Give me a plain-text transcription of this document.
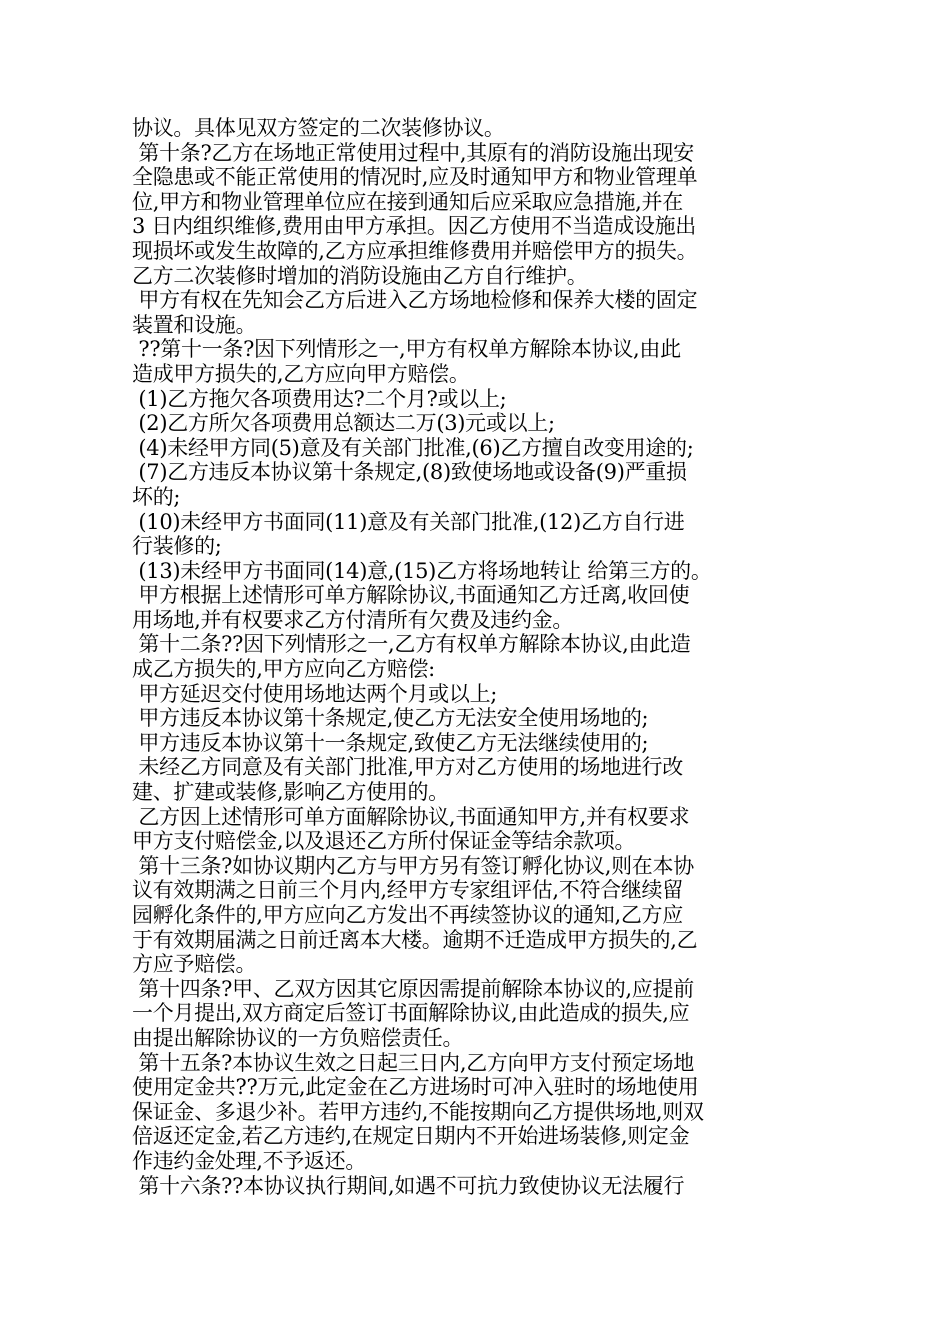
协议。具体见双方签定的二次装修协议。
第十条?乙方在场地正常使用过程中,其原有的消防设施出现安
全隐患或不能正常使用的情况时,应及时通知甲方和物业管理单
位,甲方和物业管理单位应在接到通知后应采取应急措施,并在
3 日内组织维修,费用由甲方承担。因乙方使用不当造成设施出
现损坏或发生故障的,乙方应承担维修费用并赔偿甲方的损失。
乙方二次装修时增加的消防设施由乙方自行维护。
甲方有权在先知会乙方后进入乙方场地检修和保养大楼的固定
装置和设施。
??第十一条?因下列情形之一,甲方有权单方解除本协议,由此
造成甲方损失的,乙方应向甲方赔偿。
(1)乙方拖欠各项费用达?二个月?或以上;
(2)乙方所欠各项费用总额达二万(3)元或以上;
(4)未经甲方同(5)意及有关部门批准,(6)乙方擅自改变用途的;
(7)乙方违反本协议第十条规定,(8)致使场地或设备(9)严重损
坏的;
(10)未经甲方书面同(11)意及有关部门批准,(12)乙方自行进
行装修的;
(13)未经甲方书面同(14)意,(15)乙方将场地转让 给第三方的。
甲方根据上述情形可单方解除协议,书面通知乙方迁离,收回使
用场地,并有权要求乙方付清所有欠费及违约金。
第十二条??因下列情形之一,乙方有权单方解除本协议,由此造
成乙方损失的,甲方应向乙方赔偿:
甲方延迟交付使用场地达两个月或以上;
甲方违反本协议第十条规定,使乙方无法安全使用场地的;
甲方违反本协议第十一条规定,致使乙方无法继续使用的;
未经乙方同意及有关部门批准,甲方对乙方使用的场地进行改
建、扩建或装修,影响乙方使用的。
乙方因上述情形可单方面解除协议,书面通知甲方,并有权要求
甲方支付赔偿金,以及退还乙方所付保证金等结余款项。
第十三条?如协议期内乙方与甲方另有签订孵化协议,则在本协
议有效期满之日前三个月内,经甲方专家组评估,不符合继续留
园孵化条件的,甲方应向乙方发出不再续签协议的通知,乙方应
于有效期届满之日前迁离本大楼。逾期不迁造成甲方损失的,乙
方应予赔偿。
第十四条?甲、乙双方因其它原因需提前解除本协议的,应提前
一个月提出,双方商定后签订书面解除协议,由此造成的损失,应
由提出解除协议的一方负赔偿责任。
第十五条?本协议生效之日起三日内,乙方向甲方支付预定场地
使用定金共??万元,此定金在乙方进场时可冲入驻时的场地使用
保证金、多退少补。若甲方违约,不能按期向乙方提供场地,则双
倍返还定金,若乙方违约,在规定日期内不开始进场装修,则定金
作违约金处理,不予返还。
第十六条??本协议执行期间,如遇不可抗力致使协议无法履行
